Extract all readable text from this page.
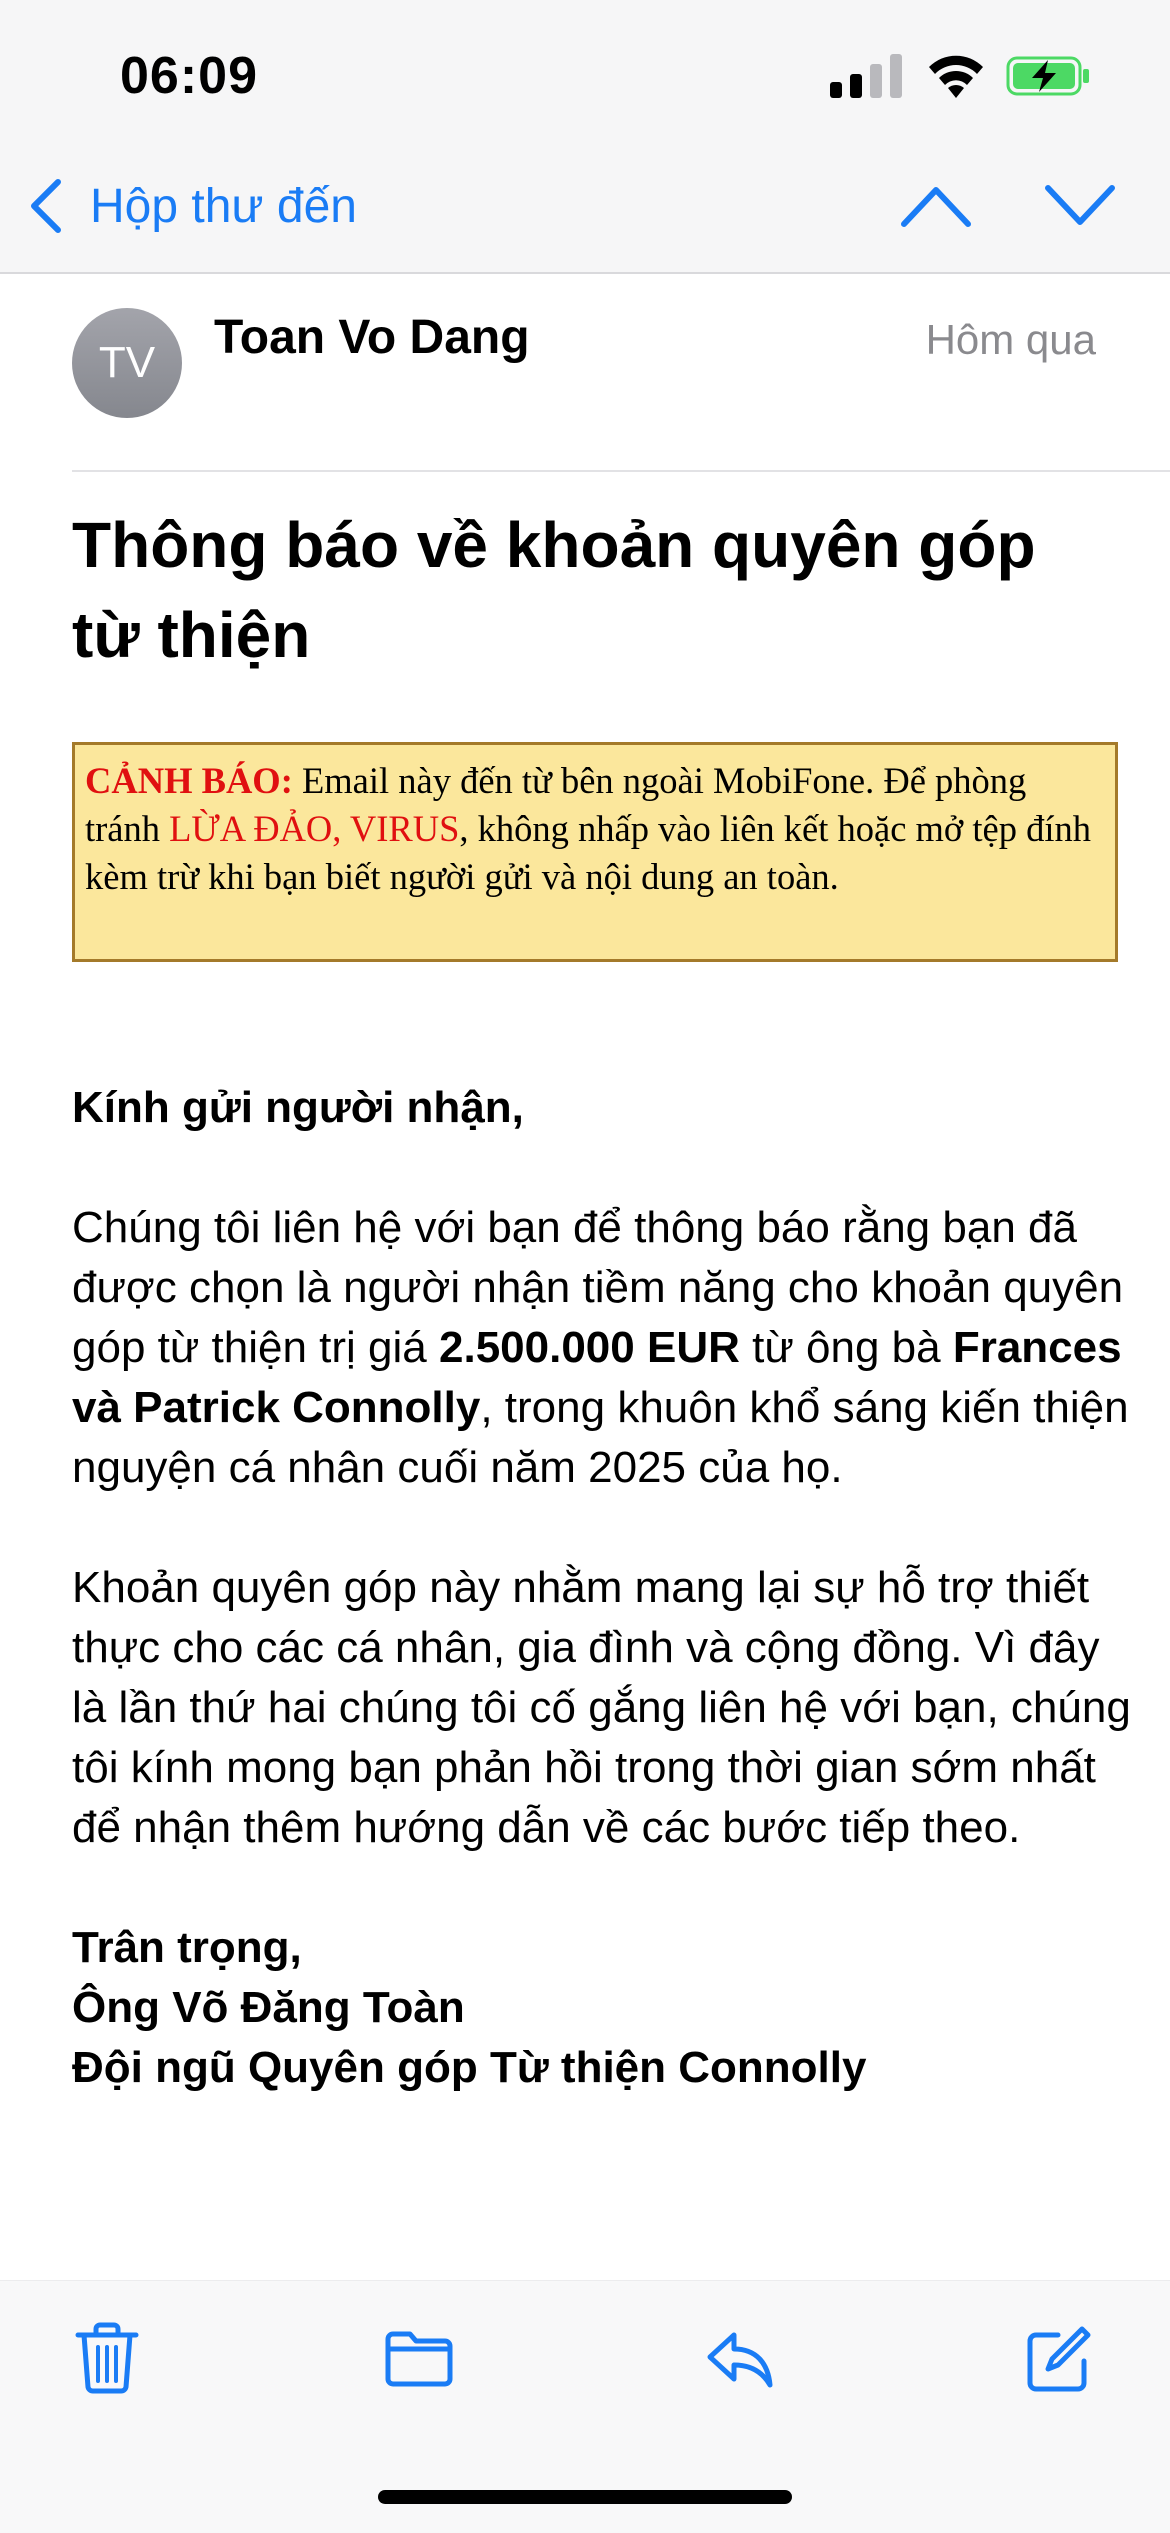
06:09
Hộp thư đến
TV	Toan Vo Dang	Hôm qua
Thông báo về khoản quyên góp từ thiện
CẢNH BÁO: Email này đến từ bên ngoài MobiFone. Để phòng tránh LỪA ĐẢO, VIRUS, không nhấp vào liên kết hoặc mở tệp đính kèm trừ khi bạn biết người gửi và nội dung an toàn.

Kính gửi người nhận,

Chúng tôi liên hệ với bạn để thông báo rằng bạn đã được chọn là người nhận tiềm năng cho khoản quyên góp từ thiện trị giá 2.500.000 EUR từ ông bà Frances và Patrick Connolly, trong khuôn khổ sáng kiến thiện nguyện cá nhân cuối năm 2025 của họ.

Khoản quyên góp này nhằm mang lại sự hỗ trợ thiết thực cho các cá nhân, gia đình và cộng đồng. Vì đây là lần thứ hai chúng tôi cố gắng liên hệ với bạn, chúng tôi kính mong bạn phản hồi trong thời gian sớm nhất để nhận thêm hướng dẫn về các bước tiếp theo.

Trân trọng,
Ông Võ Đăng Toàn
Đội ngũ Quyên góp Từ thiện Connolly
